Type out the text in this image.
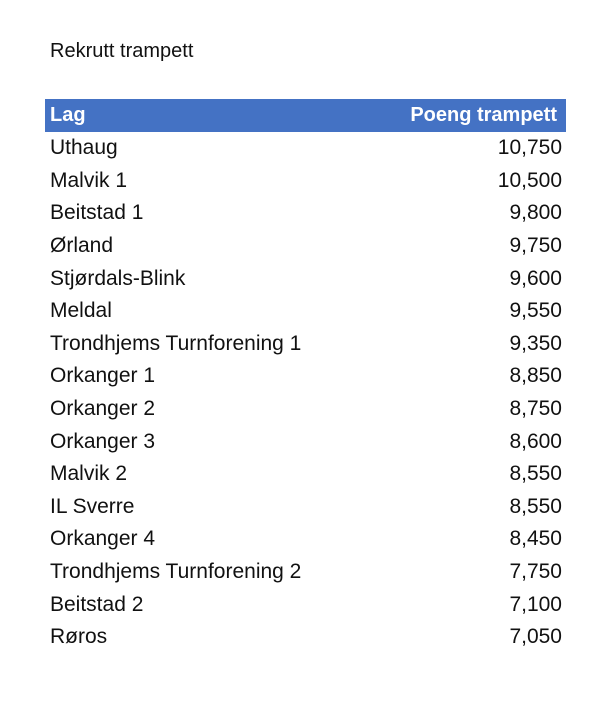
Rekrutt trampett
Lag	Poeng trampett
Uthaug	10,750
Malvik 1	10,500
Beitstad 1	9,800
Ørland	9,750
Stjørdals-Blink	9,600
Meldal	9,550
Trondhjems Turnforening 1	9,350
Orkanger 1	8,850
Orkanger 2	8,750
Orkanger 3	8,600
Malvik 2	8,550
IL Sverre	8,550
Orkanger 4	8,450
Trondhjems Turnforening 2	7,750
Beitstad 2	7,100
Røros	7,050
